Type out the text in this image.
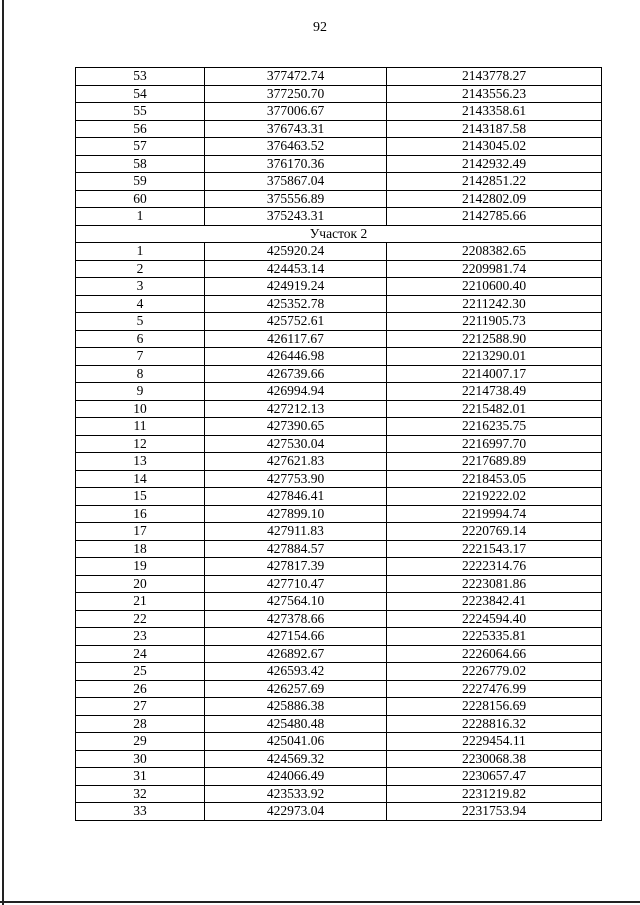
92
53	377472.74	2143778.27
54	377250.70	2143556.23
55	377006.67	2143358.61
56	376743.31	2143187.58
57	376463.52	2143045.02
58	376170.36	2142932.49
59	375867.04	2142851.22
60	375556.89	2142802.09
1	375243.31	2142785.66
Участок 2		
1	425920.24	2208382.65
2	424453.14	2209981.74
3	424919.24	2210600.40
4	425352.78	2211242.30
5	425752.61	2211905.73
6	426117.67	2212588.90
7	426446.98	2213290.01
8	426739.66	2214007.17
9	426994.94	2214738.49
10	427212.13	2215482.01
11	427390.65	2216235.75
12	427530.04	2216997.70
13	427621.83	2217689.89
14	427753.90	2218453.05
15	427846.41	2219222.02
16	427899.10	2219994.74
17	427911.83	2220769.14
18	427884.57	2221543.17
19	427817.39	2222314.76
20	427710.47	2223081.86
21	427564.10	2223842.41
22	427378.66	2224594.40
23	427154.66	2225335.81
24	426892.67	2226064.66
25	426593.42	2226779.02
26	426257.69	2227476.99
27	425886.38	2228156.69
28	425480.48	2228816.32
29	425041.06	2229454.11
30	424569.32	2230068.38
31	424066.49	2230657.47
32	423533.92	2231219.82
33	422973.04	2231753.94
